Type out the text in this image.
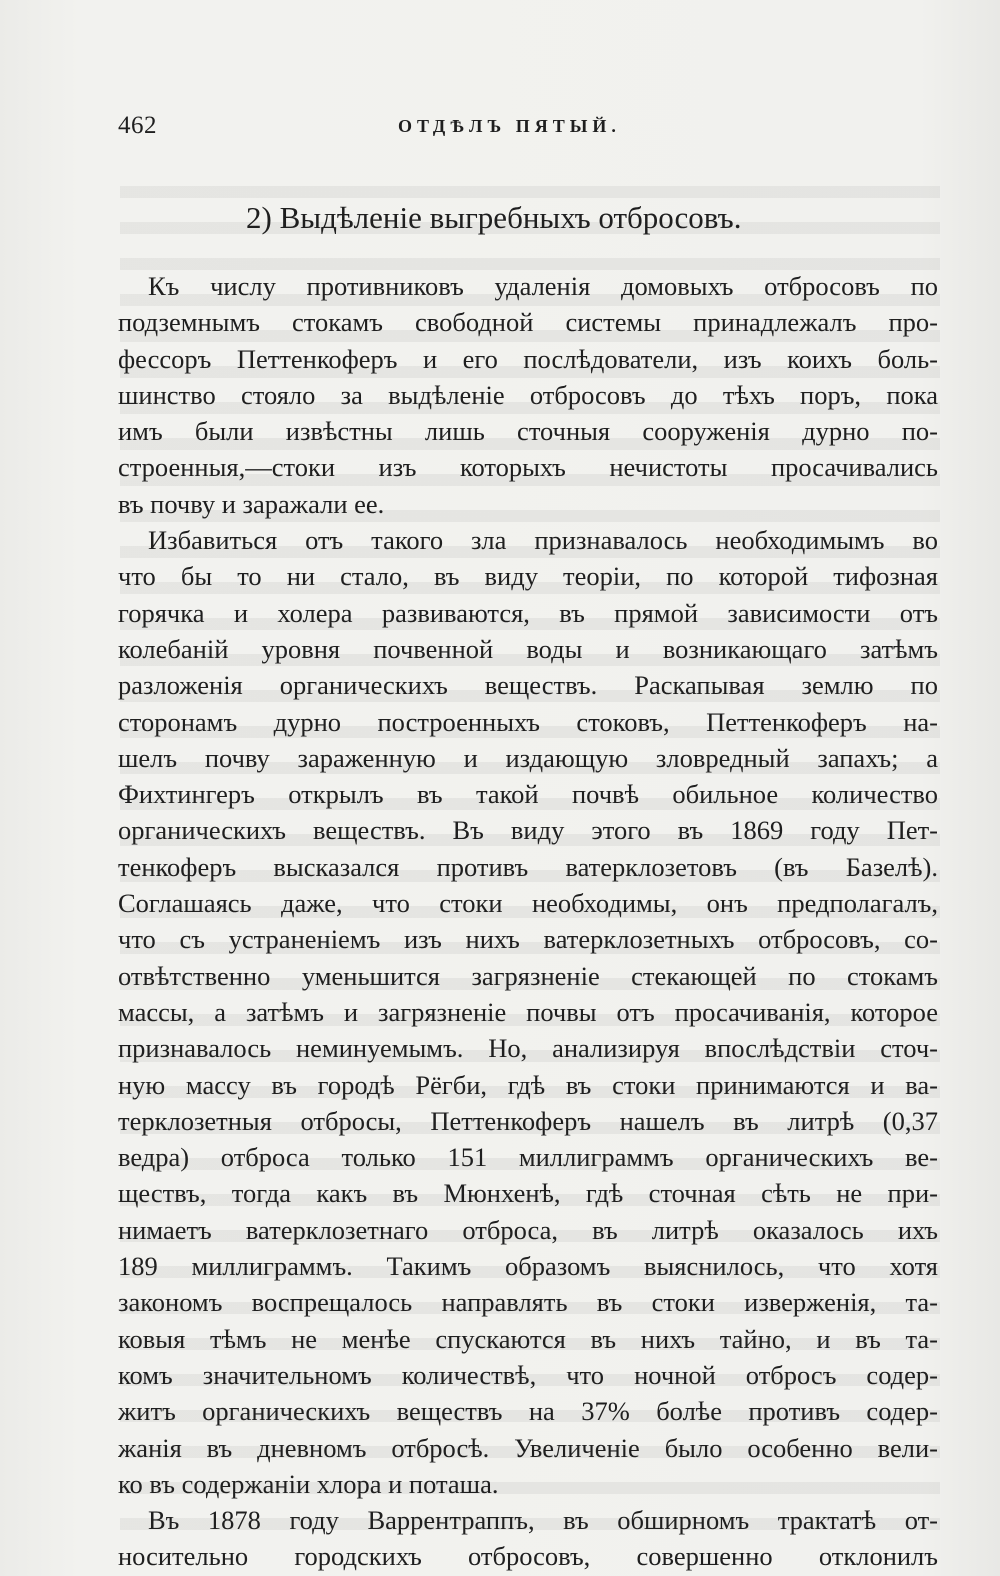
462	ОТДѢЛЪ ПЯТЫЙ.
2) Выдѣленіе выгребныхъ отбросовъ.
Къ числу противниковъ удаленія домовыхъ отбросовъ по
подземнымъ стокамъ свободной системы принадлежалъ про-
фессоръ Петтенкоферъ и его послѣдователи, изъ коихъ боль-
шинство стояло за выдѣленіе отбросовъ до тѣхъ поръ, пока
имъ были извѣстны лишь сточныя сооруженія дурно по-
строенныя,—стоки изъ которыхъ нечистоты просачивались
въ почву и заражали ее.
Избавиться отъ такого зла признавалось необходимымъ во
что бы то ни стало, въ виду теоріи, по которой тифозная
горячка и холера развиваются, въ прямой зависимости отъ
колебаній уровня почвенной воды и возникающаго затѣмъ
разложенія органическихъ веществъ. Раскапывая землю по
сторонамъ дурно построенныхъ стоковъ, Петтенкоферъ на-
шелъ почву зараженную и издающую зловредный запахъ; а
Фихтингеръ открылъ въ такой почвѣ обильное количество
органическихъ веществъ. Въ виду этого въ 1869 году Пет-
тенкоферъ высказался противъ ватерклозетовъ (въ Базелѣ).
Соглашаясь даже, что стоки необходимы, онъ предполагалъ,
что съ устраненіемъ изъ нихъ ватерклозетныхъ отбросовъ, со-
отвѣтственно уменьшится загрязненіе стекающей по стокамъ
массы, а затѣмъ и загрязненіе почвы отъ просачиванія, которое
признавалось неминуемымъ. Но, анализируя впослѣдствіи сточ-
ную массу въ городѣ Рёгби, гдѣ въ стоки принимаются и ва-
терклозетныя отбросы, Петтенкоферъ нашелъ въ литрѣ (0,37
ведра) отброса только 151 миллиграммъ органическихъ ве-
ществъ, тогда какъ въ Мюнхенѣ, гдѣ сточная сѣть не при-
нимаетъ ватерклозетнаго отброса, въ литрѣ оказалось ихъ
189 миллиграммъ. Такимъ образомъ выяснилось, что хотя
закономъ воспрещалось направлять въ стоки изверженія, та-
ковыя тѣмъ не менѣе спускаются въ нихъ тайно, и въ та-
комъ значительномъ количествѣ, что ночной отбросъ содер-
житъ органическихъ веществъ на 37% болѣе противъ содер-
жанія въ дневномъ отбросѣ. Увеличеніе было особенно вели-
ко въ содержаніи хлора и поташа.
Въ 1878 году Варрентраппъ, въ обширномъ трактатѣ от-
носительно городскихъ отбросовъ, совершенно отклонилъ
